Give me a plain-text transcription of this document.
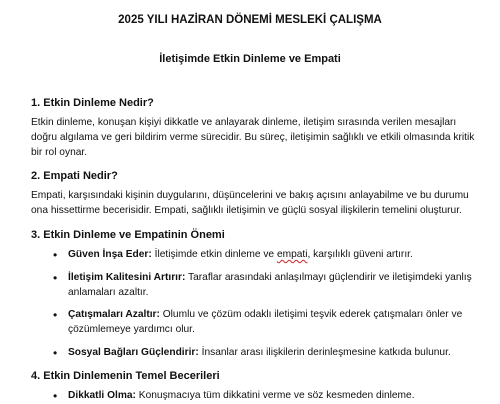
2025 YILI HAZİRAN DÖNEMİ MESLEKİ ÇALIŞMA
İletişimde Etkin Dinleme ve Empati
1. Etkin Dinleme Nedir?

Etkin dinleme, konuşan kişiyi dikkatle ve anlayarak dinleme, iletişim sırasında verilen mesajları doğru algılama ve geri bildirim verme sürecidir. Bu süreç, iletişimin sağlıklı ve etkili olmasında kritik bir rol oynar.

2. Empati Nedir?

Empati, karşısındaki kişinin duygularını, düşüncelerini ve bakış açısını anlayabilme ve bu durumu ona hissettirme becerisidir. Empati, sağlıklı iletişimin ve güçlü sosyal ilişkilerin temelini oluşturur.

3. Etkin Dinleme ve Empatinin Önemi
• Güven İnşa Eder: İletişimde etkin dinleme ve empati, karşılıklı güveni artırır.
• İletişim Kalitesini Artırır: Taraflar arasındaki anlaşılmayı güçlendirir ve iletişimdeki yanlış anlamaları azaltır.
• Çatışmaları Azaltır: Olumlu ve çözüm odaklı iletişimi teşvik ederek çatışmaları önler ve çözümlemeye yardımcı olur.
• Sosyal Bağları Güçlendirir: İnsanlar arası ilişkilerin derinleşmesine katkıda bulunur.
4. Etkin Dinlemenin Temel Becerileri
• Dikkatli Olma: Konuşmacıya tüm dikkatini verme ve söz kesmeden dinleme.
